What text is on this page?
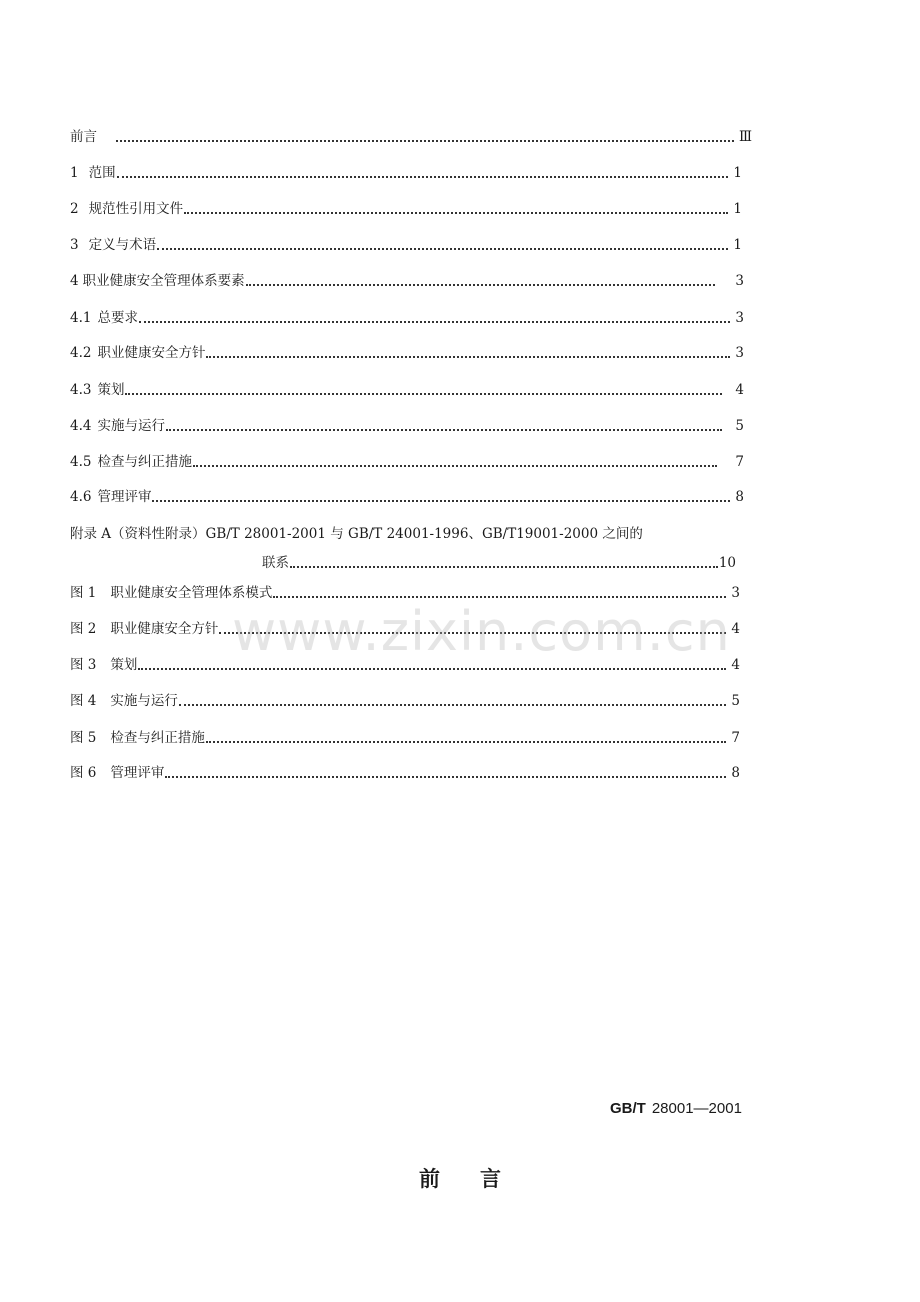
前言	Ⅲ
1 范围	1
2 规范性引用文件	1
3 定义与术语	1
4 职业健康安全管理体系要素	3
4.1 总要求	3
4.2 职业健康安全方针	3
4.3 策划	4
4.4 实施与运行	5
4.5 检查与纠正措施	7
4.6 管理评审	8
附录 A（资料性附录）GB/T 28001-2001 与 GB/T 24001-1996、GB/T19001-2000 之间的
联系	10
图 1	职业健康安全管理体系模式	3
图 2	职业健康安全方针	4
图 3	策划	4
图 4	实施与运行	5
图 5	检查与纠正措施	7
图 6	管理评审	8
www.zixin.com.cn
GB/T 28001—2001
前言
